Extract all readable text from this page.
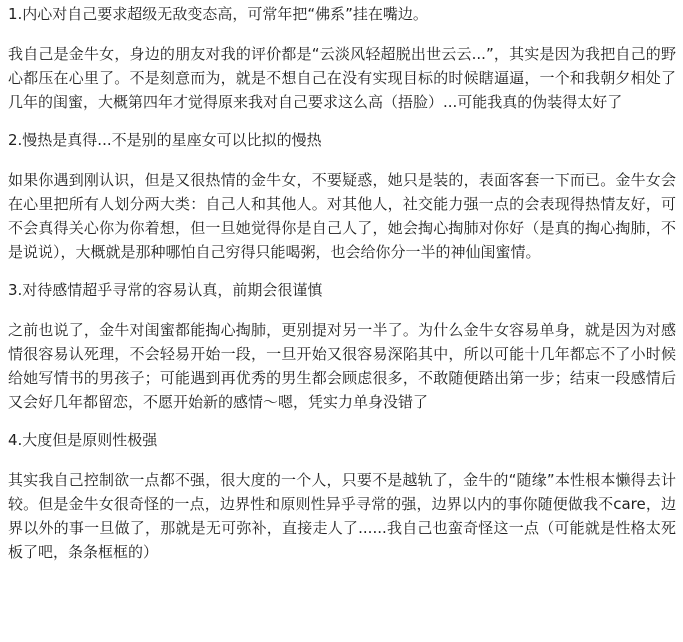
1.内心对自己要求超级无敌变态高，可常年把“佛系”挂在嘴边。

我自己是金牛女，身边的朋友对我的评价都是“云淡风轻超脱出世云云...”，其实是因为我把自己的野心都压在心里了。不是刻意而为，就是不想自己在没有实现目标的时候瞎逼逼，一个和我朝夕相处了几年的闺蜜，大概第四年才觉得原来我对自己要求这么高（捂脸）...可能我真的伪装得太好了

2.慢热是真得...不是别的星座女可以比拟的慢热

如果你遇到刚认识，但是又很热情的金牛女，不要疑惑，她只是装的，表面客套一下而已。金牛女会在心里把所有人划分两大类：自己人和其他人。对其他人，社交能力强一点的会表现得热情友好，可不会真得关心你为你着想，但一旦她觉得你是自己人了，她会掏心掏肺对你好（是真的掏心掏肺，不是说说），大概就是那种哪怕自己穷得只能喝粥，也会给你分一半的神仙闺蜜情。

3.对待感情超乎寻常的容易认真，前期会很谨慎

之前也说了，金牛对闺蜜都能掏心掏肺，更别提对另一半了。为什么金牛女容易单身，就是因为对感情很容易认死理，不会轻易开始一段，一旦开始又很容易深陷其中，所以可能十几年都忘不了小时候给她写情书的男孩子；可能遇到再优秀的男生都会顾虑很多，不敢随便踏出第一步；结束一段感情后又会好几年都留恋，不愿开始新的感情～嗯，凭实力单身没错了

4.大度但是原则性极强

其实我自己控制欲一点都不强，很大度的一个人，只要不是越轨了，金牛的“随缘”本性根本懒得去计较。但是金牛女很奇怪的一点，边界性和原则性异乎寻常的强，边界以内的事你随便做我不care，边界以外的事一旦做了，那就是无可弥补，直接走人了......我自己也蛮奇怪这一点（可能就是性格太死板了吧，条条框框的）
